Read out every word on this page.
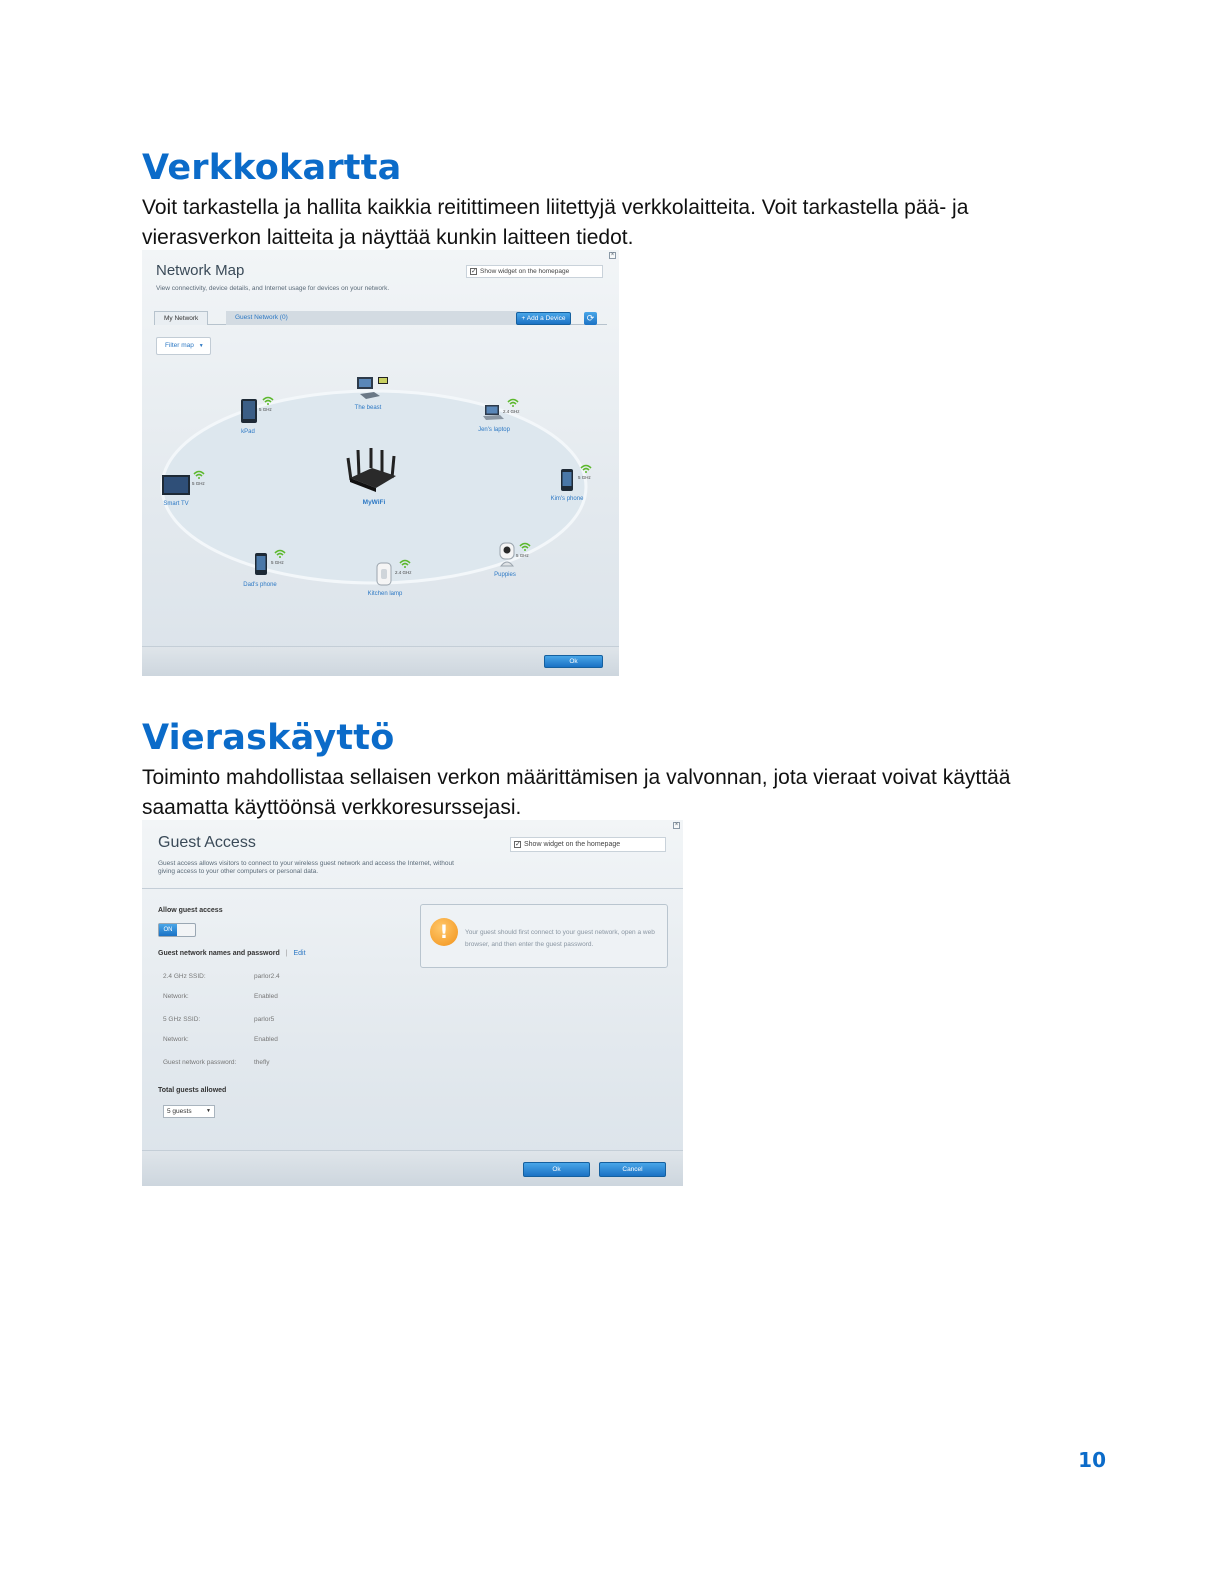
Verkkokartta
Voit tarkastella ja hallita kaikkia reitittimeen liitettyjä verkkolaitteita. Voit tarkastella pää- ja
vierasverkon laitteita ja näyttää kunkin laitteen tiedot.
×
Network Map	✓ Show widget on the homepage
View connectivity, device details, and Internet usage for devices on your network.
My Network	Guest Network (0)	+ Add a Device	⟳
Filter map ▼
MyWiFi
5 GHz
kPad
The beast
2.4 GHz
Jen's laptop
5 GHz
Smart TV
5 GHz
Kim's phone
5 GHz
Dad's phone
2.4 GHz
Kitchen lamp
5 GHz
Puppies
Ok
Vieraskäyttö
Toiminto mahdollistaa sellaisen verkon määrittämisen ja valvonnan, jota vieraat voivat käyttää
saamatta käyttöönsä verkkoresurssejasi.
×
Guest Access	✓ Show widget on the homepage
Guest access allows visitors to connect to your wireless guest network and access the Internet, without
giving access to your other computers or personal data.
Allow guest access
ON
Guest network names and password | Edit
2.4 GHz SSID:	parlor2.4
Network:	Enabled
5 GHz SSID:	parlor5
Network:	Enabled
Guest network password:	thefly
Total guests allowed
5 guests	▼
!	Your guest should first connect to your guest network, open a web browser, and then enter the guest password.
Ok	Cancel
10
